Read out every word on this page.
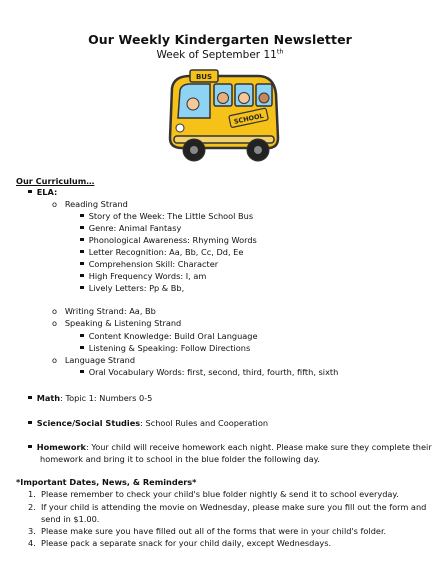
Our Weekly Kindergarten Newsletter
Week of September 11th
BUS
SCHOOL
Our Curriculum…
ELA:
o Reading Strand
Story of the Week: The Little School Bus
Genre: Animal Fantasy
Phonological Awareness: Rhyming Words
Letter Recognition: Aa, Bb, Cc, Dd, Ee
Comprehension Skill: Character
High Frequency Words: I, am
Lively Letters: Pp & Bb,
o Writing Strand: Aa, Bb
o Speaking & Listening Strand
Content Knowledge: Build Oral Language
Listening & Speaking: Follow Directions
o Language Strand
Oral Vocabulary Words: first, second, third, fourth, fifth, sixth
Math: Topic 1: Numbers 0-5
Science/Social Studies: School Rules and Cooperation
Homework: Your child will receive homework each night. Please make sure they complete their
homework and bring it to school in the blue folder the following day.
*Important Dates, News, & Reminders*
1. Please remember to check your child's blue folder nightly & send it to school everyday.
2. If your child is attending the movie on Wednesday, please make sure you fill out the form and
send in $1.00.
3. Please make sure you have filled out all of the forms that were in your child's folder.
4. Please pack a separate snack for your child daily, except Wednesdays.
